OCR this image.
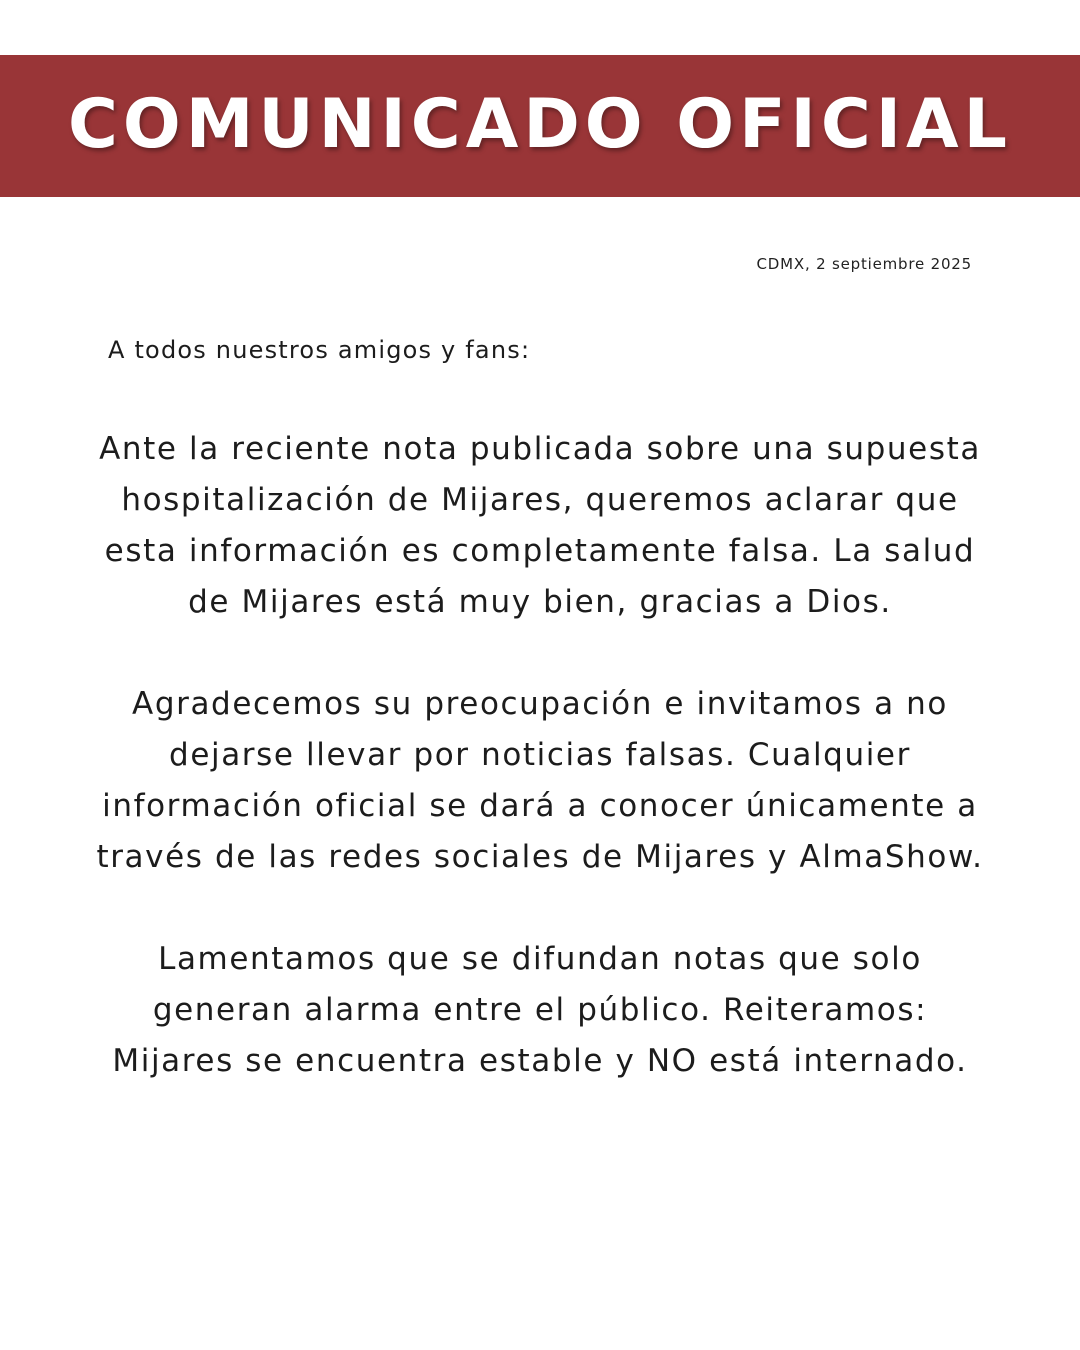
COMUNICADO OFICIAL
CDMX, 2 septiembre 2025
A todos nuestros amigos y fans:

Ante la reciente nota publicada sobre una supuesta
hospitalización de Mijares, queremos aclarar que
esta información es completamente falsa. La salud
de Mijares está muy bien, gracias a Dios.

Agradecemos su preocupación e invitamos a no
dejarse llevar por noticias falsas. Cualquier
información oficial se dará a conocer únicamente a
través de las redes sociales de Mijares y AlmaShow.

Lamentamos que se difundan notas que solo
generan alarma entre el público. Reiteramos:
Mijares se encuentra estable y NO está internado.
